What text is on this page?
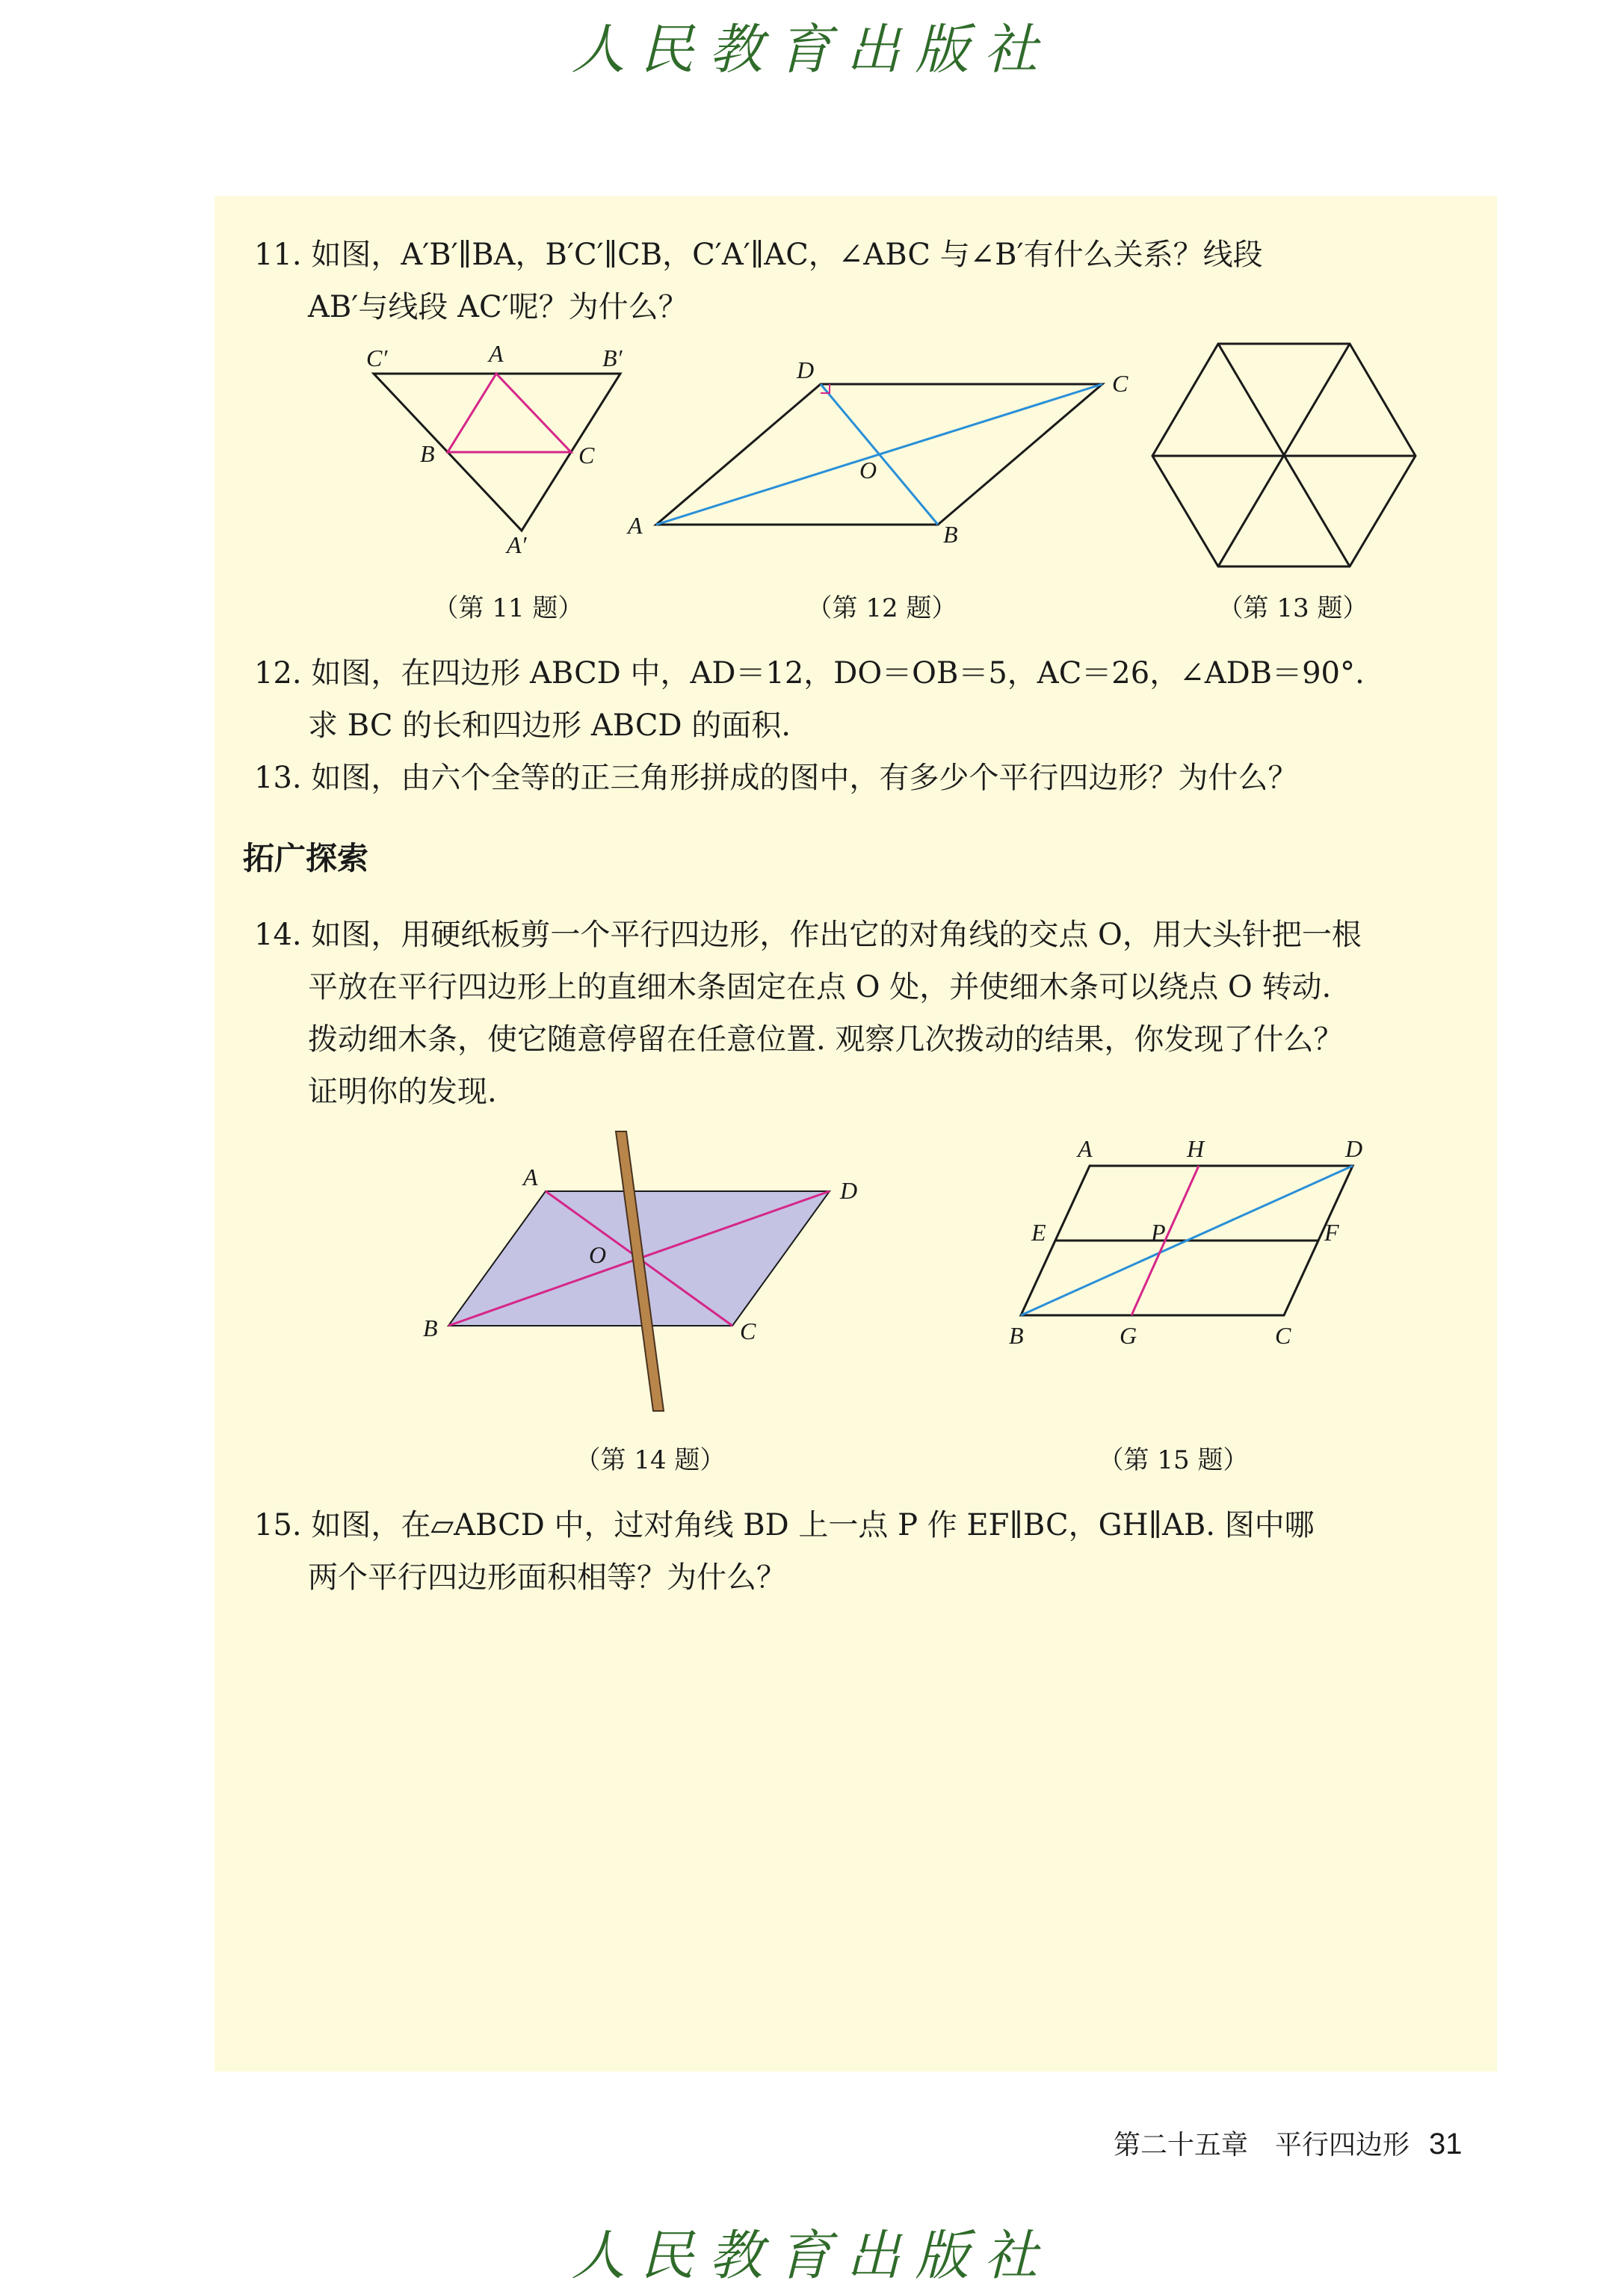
人民教育出版社
11. 如图，A′B′∥BA，B′C′∥CB，C′A′∥AC，∠ABC 与∠B′有什么关系？线段
AB′与线段 AC′呢？为什么？
C′	A	B′
B	C
A′
D	C
O
A	B
（第 11 题）	（第 12 题）	（第 13 题）
12. 如图，在四边形 ABCD 中，AD＝12，DO＝OB＝5，AC＝26，∠ADB＝90°.
求 BC 的长和四边形 ABCD 的面积.
13. 如图，由六个全等的正三角形拼成的图中，有多少个平行四边形？为什么？
拓广探索
14. 如图，用硬纸板剪一个平行四边形，作出它的对角线的交点 O，用大头针把一根
平放在平行四边形上的直细木条固定在点 O 处，并使细木条可以绕点 O 转动.
拨动细木条，使它随意停留在任意位置. 观察几次拨动的结果，你发现了什么？
证明你的发现.
A	D
O
B	C
A	H	D
E	P	F
B	G	C
（第 14 题）	（第 15 题）
15. 如图，在▱ABCD 中，过对角线 BD 上一点 P 作 EF∥BC，GH∥AB. 图中哪
两个平行四边形面积相等？为什么？
第二十五章　平行四边形 31
人民教育出版社
